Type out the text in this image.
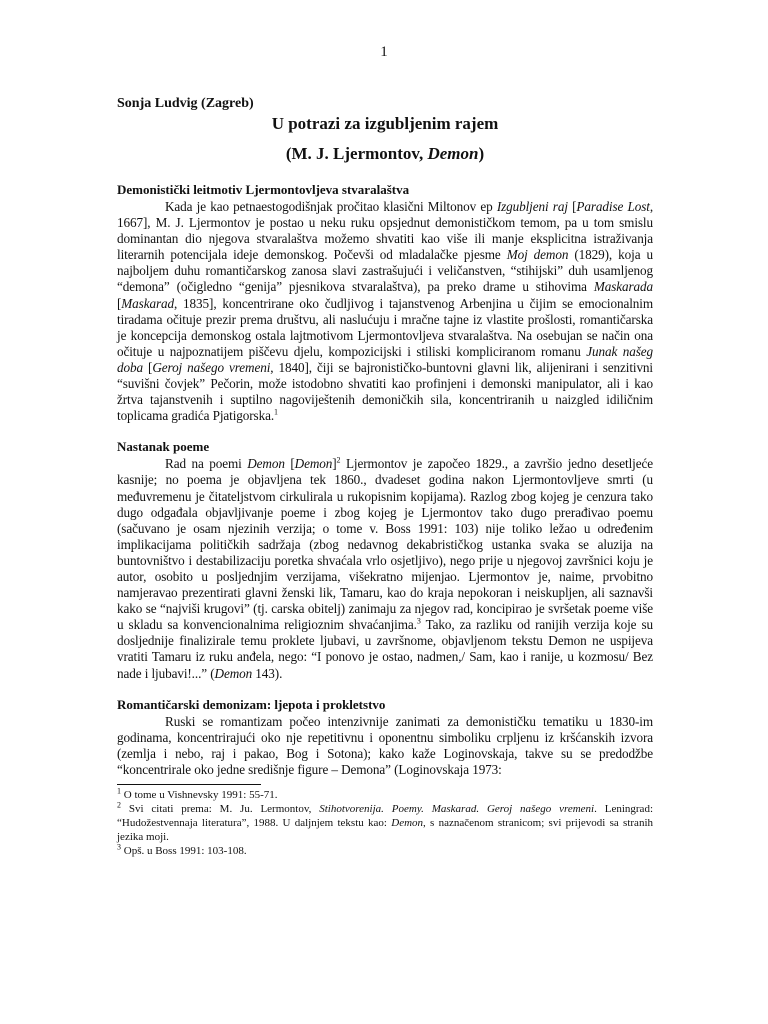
1

Sonja Ludvig (Zagreb)

U potrazi za izgubljenim rajem

(M. J. Ljermontov, Demon)

Demonistički leitmotiv Ljermontovljeva stvaralaštva

Kada je kao petnaestogodišnjak pročitao klasični Miltonov ep Izgubljeni raj [Paradise Lost, 1667], M. J. Ljermontov je postao u neku ruku opsjednut demonističkom temom, pa u tom smislu dominantan dio njegova stvaralaštva možemo shvatiti kao više ili manje eksplicitna istraživanja literarnih potencijala ideje demonskog. Počevši od mladalačke pjesme Moj demon (1829), koja u najboljem duhu romantičarskog zanosa slavi zastrašujući i veličanstven, “stihijski” duh usamljenog “demona” (očigledno “genija” pjesnikova stvaralaštva), pa preko drame u stihovima Maskarada [Maskarad, 1835], koncentrirane oko čudljivog i tajanstvenog Arbenjina u čijim se emocionalnim tiradama očituje prezir prema društvu, ali naslućuju i mračne tajne iz vlastite prošlosti, romantičarska je koncepcija demonskog ostala lajtmotivom Ljermontovljeva stvaralaštva. Na osebujan se način ona očituje u najpoznatijem piščevu djelu, kompozicijski i stiliski kompliciranom romanu Junak našeg doba [Geroj našego vremeni, 1840], čiji se bajronističko-buntovni glavni lik, alijenirani i senzitivni “suvišni čovjek” Pečorin, može istodobno shvatiti kao profinjeni i demonski manipulator, ali i kao žrtva tajanstvenih i suptilno nagoviještenih demoničkih sila, koncentriranih u naizgled idiličnim toplicama gradića Pjatigorska.$^1$

Nastanak poeme

Rad na poemi Demon [Demon]$^2$ Ljermontov je započeo 1829., a završio jedno desetljeće kasnije; no poema je objavljena tek 1860., dvadeset godina nakon Ljermontovljeve smrti (u međuvremenu je čitateljstvom cirkulirala u rukopisnim kopijama). Razlog zbog kojeg je cenzura tako dugo odgađala objavljivanje poeme i zbog kojeg je Ljermontov tako dugo prerađivao poemu (sačuvano je osam njezinih verzija; o tome v. Boss 1991: 103) nije toliko ležao u određenim implikacijama političkih sadržaja (zbog nedavnog dekabrističkog ustanka svaka se aluzija na buntovništvo i destabilizaciju poretka shvaćala vrlo osjetljivo), nego prije u njegovoj završnici koju je autor, osobito u posljednjim verzijama, višekratno mijenjao. Ljermontov je, naime, prvobitno namjeravao prezentirati glavni ženski lik, Tamaru, kao do kraja nepokoran i neiskupljen, ali saznavši kako se “najviši krugovi” (tj. carska obitelj) zanimaju za njegov rad, koncipirao je svršetak poeme više u skladu sa konvencionalnima religioznim shvaćanjima.$^3$ Tako, za razliku od ranijih verzija koje su dosljednije finalizirale temu proklete ljubavi, u završnome, objavljenom tekstu Demon ne uspijeva vratiti Tamaru iz ruku anđela, nego: “I ponovo je ostao, nadmen,/ Sam, kao i ranije, u kozmosu/ Bez nade i ljubavi!...” (Demon 143).

Romantičarski demonizam: ljepota i prokletstvo

Ruski se romantizam počeo intenzivnije zanimati za demonističku tematiku u 1830-im godinama, koncentrirajući oko nje repetitivnu i oponentnu simboliku crpljenu iz kršćanskih izvora (zemlja i nebo, raj i pakao, Bog i Sotona); kako kaže Loginovskaja, takve su se predodžbe “koncentrirale oko jedne središnje figure – Demona” (Loginovskaja 1973:

$^1$ O tome u Vishnevsky 1991: 55-71.

$^2$ Svi citati prema: M. Ju. Lermontov, Stihotvorenija. Poemy. Maskarad. Geroj našego vremeni. Leningrad: “Hudožestvennaja literatura”, 1988. U daljnjem tekstu kao: Demon, s naznačenom stranicom; svi prijevodi sa stranih jezika moji.

$^3$ Opš. u Boss 1991: 103-108.
